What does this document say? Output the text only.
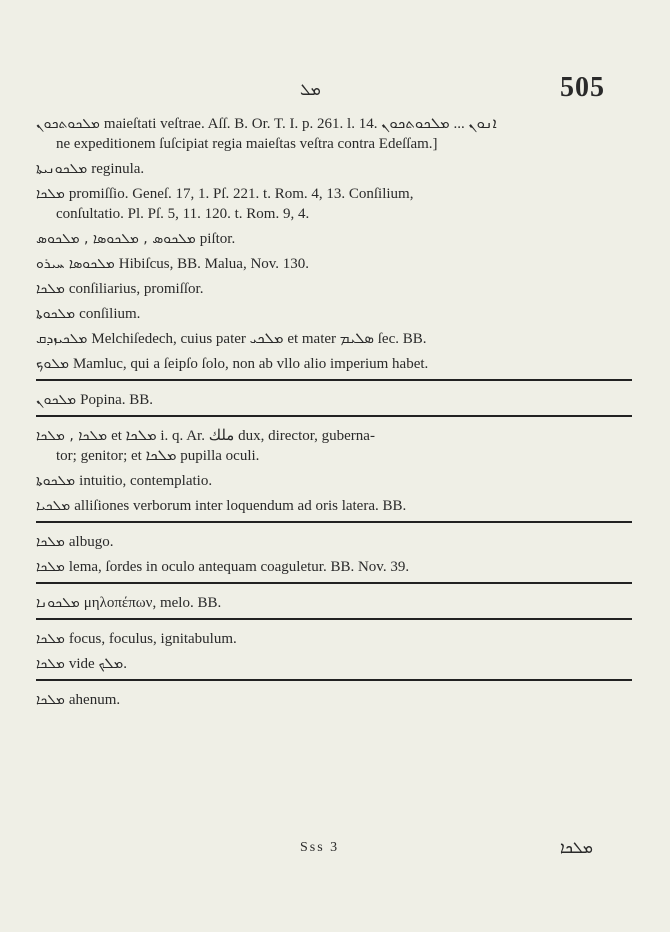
ܡܠ	505
ܡܠܟܘܬܟܘܢ maieſtati veſtrae. Aſſ. B. Or. T. I. p. 261. l. 14. ܐܢܘܢ ... ܡܠܟܘܬܟܘܢ
ne expeditionem ſuſcipiat regia maieſtas veſtra contra Edeſſam.]
ܡܠܟܘܢܝܬܐ reginula.
ܡܠܟܐ promiſſio. Geneſ. 17, 1. Pſ. 221. t. Rom. 4, 13. Conſilium,
conſultatio. Pl. Pſ. 5, 11. 120. t. Rom. 9, 4.
ܡܠܟܘܣ , ܡܠܟܘܣܐ , ܡܠܟܘܣ piſtor.
ܡܠܟܘܣܐ ܚܝܪܘ Hibiſcus, BB. Malua, Nov. 130.
ܡܠܟܐ conſiliarius, promiſſor.
ܡܠܟܘܬܐ conſilium.
ܡܠܟܝܙܕܩ Melchiſedech, cuius pater ܡܠܟܝ et mater ܣܠܝܡ ſec. BB.
ܡܠܘܟ Mamluc, qui a ſeipſo ſolo, non ab vllo alio imperium habet.
ܡܠܟܘܢ Popina. BB.
ܡܠܟܐ , ܡܠܟܐ et ܡܠܟܐ i. q. Ar. ملك dux, director, guberna-
tor; genitor; et ܡܠܟܐ pupilla oculi.
ܡܠܟܘܬܐ intuitio, contemplatio.
ܡܠܟܝܐ alliſiones verborum inter loquendum ad oris latera. BB.
ܡܠܟܐ albugo.
ܡܠܟܐ lema, ſordes in oculo antequam coaguletur. BB. Nov. 39.
ܡܠܟܘܢܐ μηλοπέπων, melo. BB.
ܡܠܟܐ focus, foculus, ignitabulum.
ܡܠܟܐ vide ܡܠܟ.
ܡܠܟܐ ahenum.
Sss 3	ܡܠܟܐ
